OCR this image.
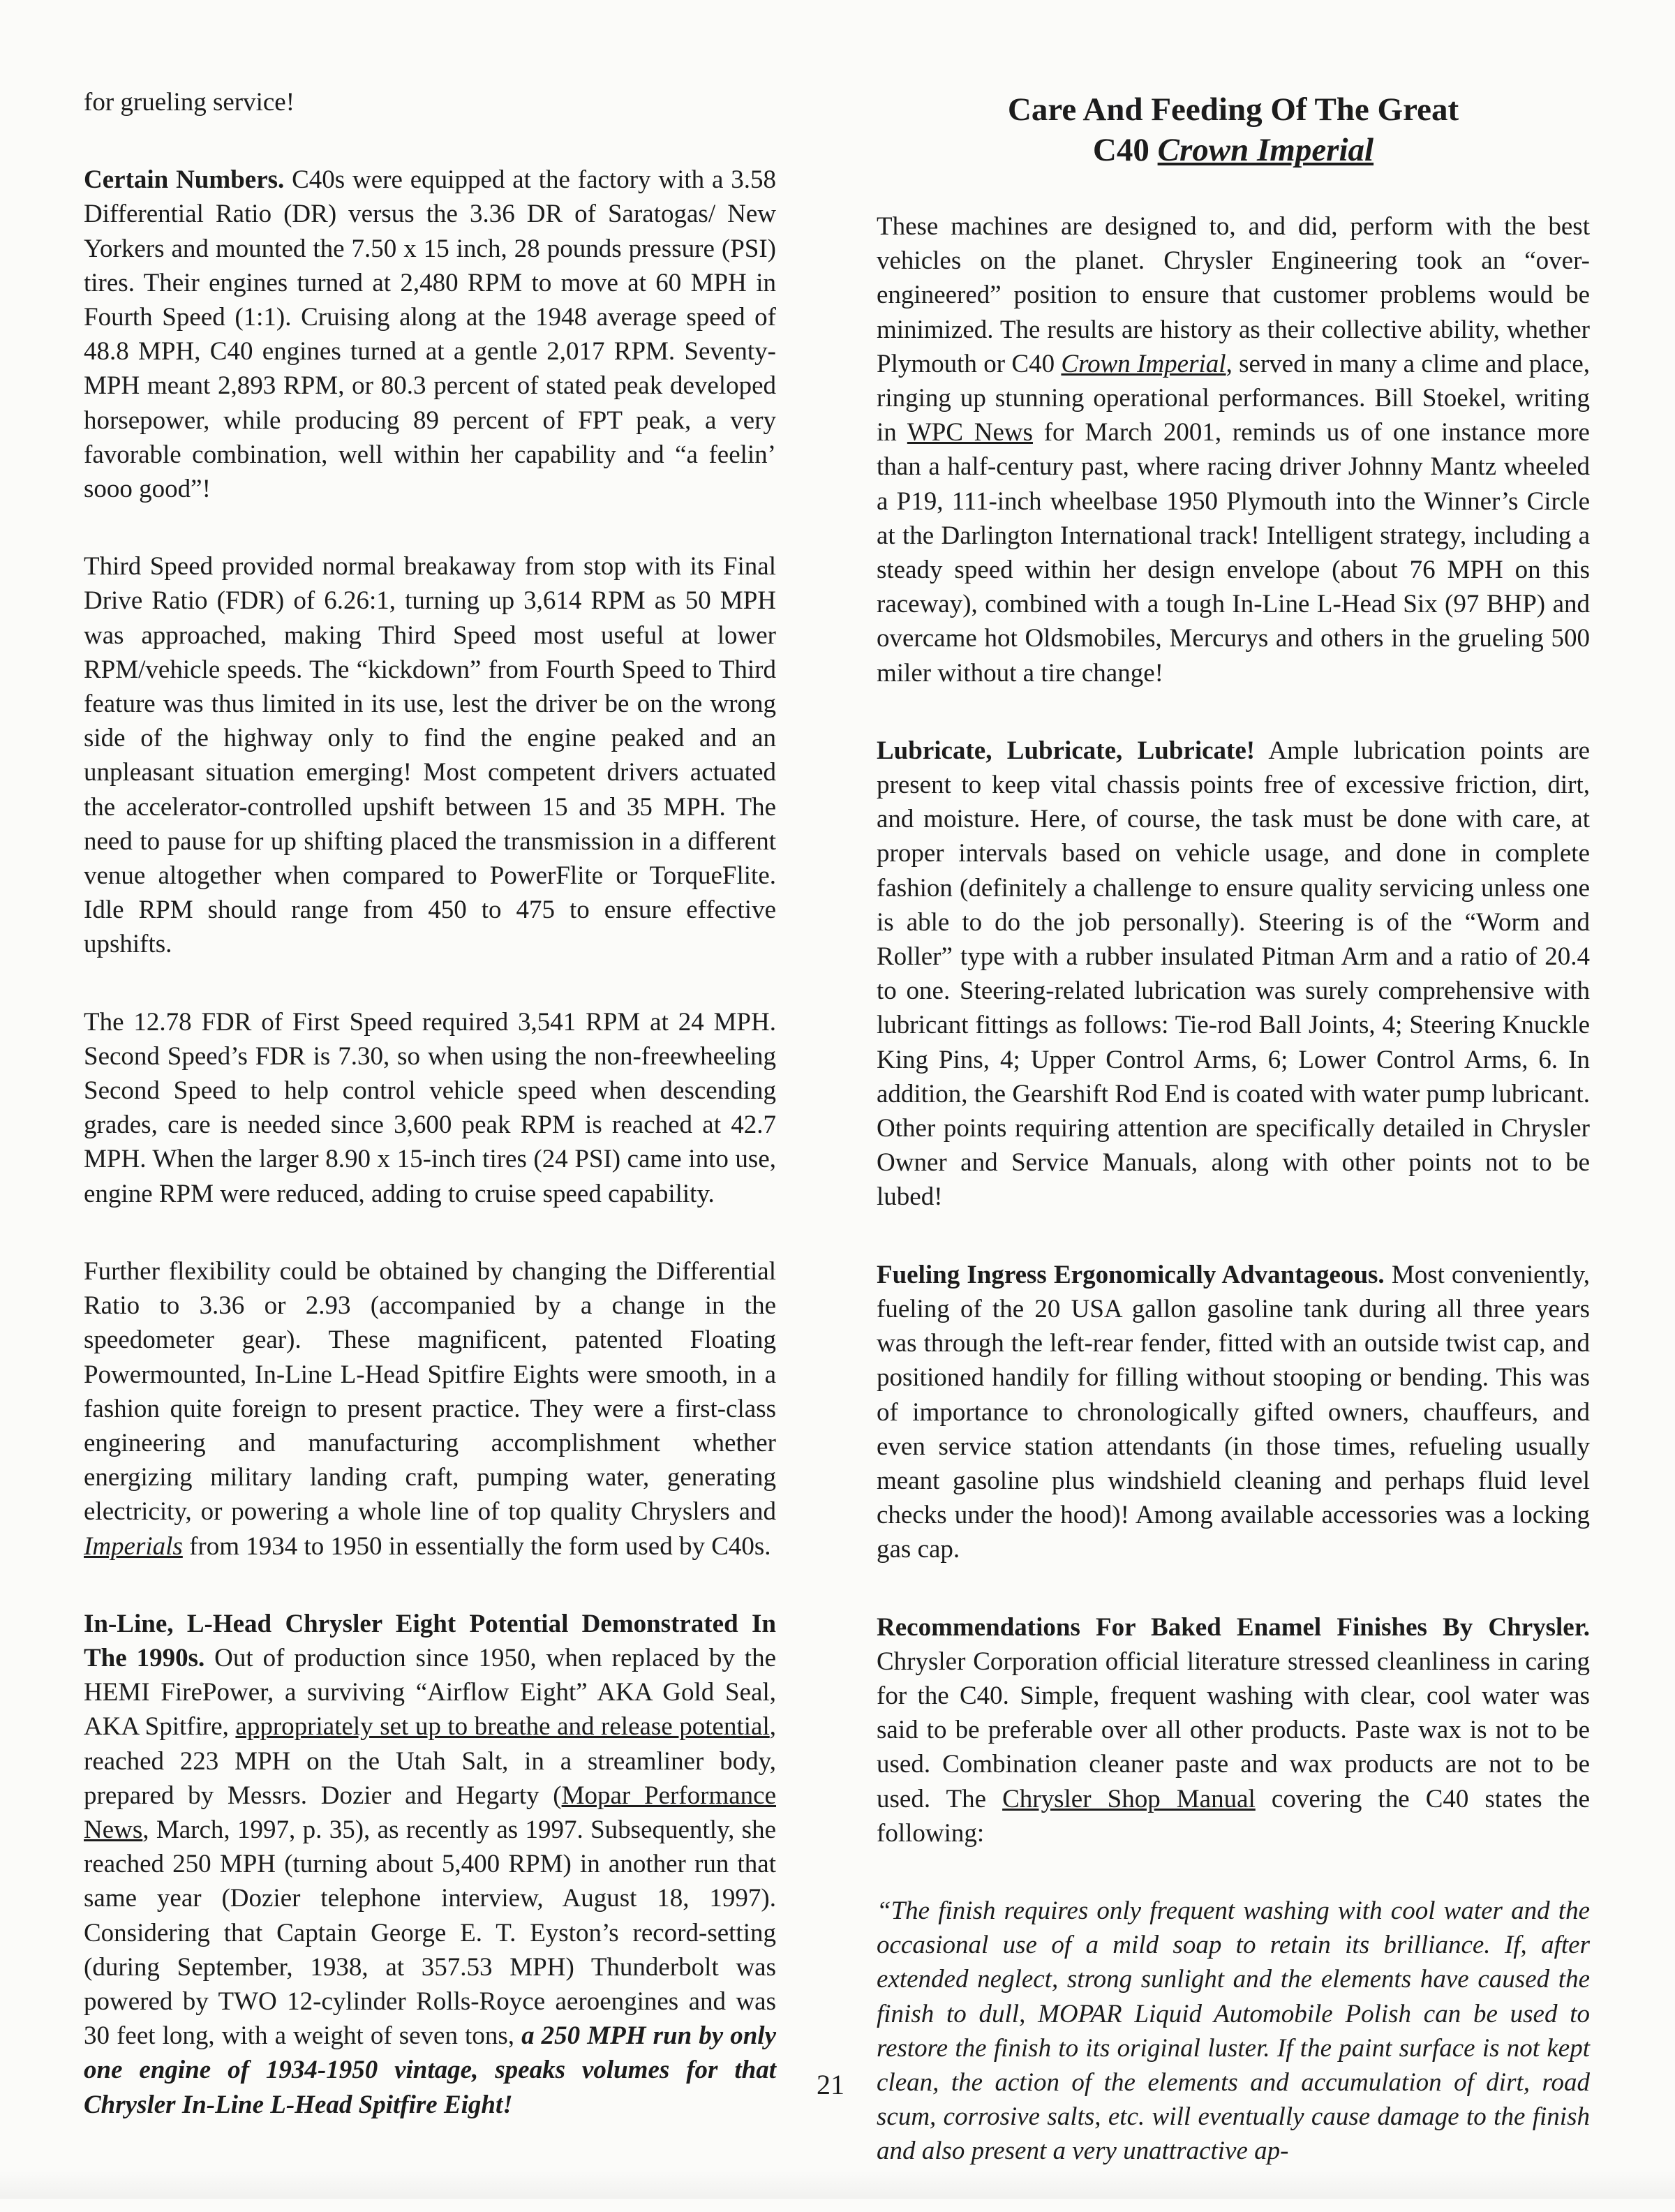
for grueling service!

Certain Numbers. C40s were equipped at the factory with a 3.58 Differential Ratio (DR) versus the 3.36 DR of Saratogas/ New Yorkers and mounted the 7.50 x 15 inch, 28 pounds pressure (PSI) tires. Their engines turned at 2,480 RPM to move at 60 MPH in Fourth Speed (1:1). Cruising along at the 1948 average speed of 48.8 MPH, C40 engines turned at a gentle 2,017 RPM. Seventy-MPH meant 2,893 RPM, or 80.3 percent of stated peak developed horsepower, while producing 89 percent of FPT peak, a very favorable combination, well within her capability and “a feelin’ sooo good”!

Third Speed provided normal breakaway from stop with its Final Drive Ratio (FDR) of 6.26:1, turning up 3,614 RPM as 50 MPH was approached, making Third Speed most useful at lower RPM/vehicle speeds. The “kickdown” from Fourth Speed to Third feature was thus limited in its use, lest the driver be on the wrong side of the highway only to find the engine peaked and an unpleasant situation emerging! Most competent drivers actuated the accelerator-controlled upshift between 15 and 35 MPH. The need to pause for up shifting placed the transmission in a different venue altogether when compared to PowerFlite or TorqueFlite. Idle RPM should range from 450 to 475 to ensure effective upshifts.

The 12.78 FDR of First Speed required 3,541 RPM at 24 MPH. Second Speed’s FDR is 7.30, so when using the non-freewheeling Second Speed to help control vehicle speed when descending grades, care is needed since 3,600 peak RPM is reached at 42.7 MPH. When the larger 8.90 x 15-inch tires (24 PSI) came into use, engine RPM were reduced, adding to cruise speed capability.

Further flexibility could be obtained by changing the Differential Ratio to 3.36 or 2.93 (accompanied by a change in the speedometer gear). These magnificent, patented Floating Powermounted, In-Line L-Head Spitfire Eights were smooth, in a fashion quite foreign to present practice. They were a first-class engineering and manufacturing accomplishment whether energizing military landing craft, pumping water, generating electricity, or powering a whole line of top quality Chryslers and Imperials from 1934 to 1950 in essentially the form used by C40s.

In-Line, L-Head Chrysler Eight Potential Demonstrated In The 1990s. Out of production since 1950, when replaced by the HEMI FirePower, a surviving “Airflow Eight” AKA Gold Seal, AKA Spitfire, appropriately set up to breathe and release potential, reached 223 MPH on the Utah Salt, in a streamliner body, prepared by Messrs. Dozier and Hegarty (Mopar Performance News, March, 1997, p. 35), as recently as 1997. Subsequently, she reached 250 MPH (turning about 5,400 RPM) in another run that same year (Dozier telephone interview, August 18, 1997). Considering that Captain George E. T. Eyston’s record-setting (during September, 1938, at 357.53 MPH) Thunderbolt was powered by TWO 12-cylinder Rolls-Royce aeroengines and was 30 feet long, with a weight of seven tons, a 250 MPH run by only one engine of 1934-1950 vintage, speaks volumes for that Chrysler In-Line L-Head Spitfire Eight!

Care And Feeding Of The Great
C40 Crown Imperial

These machines are designed to, and did, perform with the best vehicles on the planet. Chrysler Engineering took an “over-engineered” position to ensure that customer problems would be minimized. The results are history as their collective ability, whether Plymouth or C40 Crown Imperial, served in many a clime and place, ringing up stunning operational performances. Bill Stoekel, writing in WPC News for March 2001, reminds us of one instance more than a half-century past, where racing driver Johnny Mantz wheeled a P19, 111-inch wheelbase 1950 Plymouth into the Winner’s Circle at the Darlington International track! Intelligent strategy, including a steady speed within her design envelope (about 76 MPH on this raceway), combined with a tough In-Line L-Head Six (97 BHP) and overcame hot Oldsmobiles, Mercurys and others in the grueling 500 miler without a tire change!

Lubricate, Lubricate, Lubricate! Ample lubrication points are present to keep vital chassis points free of excessive friction, dirt, and moisture. Here, of course, the task must be done with care, at proper intervals based on vehicle usage, and done in complete fashion (definitely a challenge to ensure quality servicing unless one is able to do the job personally). Steering is of the “Worm and Roller” type with a rubber insulated Pitman Arm and a ratio of 20.4 to one. Steering-related lubrication was surely comprehensive with lubricant fittings as follows: Tie-rod Ball Joints, 4; Steering Knuckle King Pins, 4; Upper Control Arms, 6; Lower Control Arms, 6. In addition, the Gearshift Rod End is coated with water pump lubricant. Other points requiring attention are specifically detailed in Chrysler Owner and Service Manuals, along with other points not to be lubed!

Fueling Ingress Ergonomically Advantageous. Most conveniently, fueling of the 20 USA gallon gasoline tank during all three years was through the left-rear fender, fitted with an outside twist cap, and positioned handily for filling without stooping or bending. This was of importance to chronologically gifted owners, chauffeurs, and even service station attendants (in those times, refueling usually meant gasoline plus windshield cleaning and perhaps fluid level checks under the hood)! Among available accessories was a locking gas cap.

Recommendations For Baked Enamel Finishes By Chrysler. Chrysler Corporation official literature stressed cleanliness in caring for the C40. Simple, frequent washing with clear, cool water was said to be preferable over all other products. Paste wax is not to be used. Combination cleaner paste and wax products are not to be used. The Chrysler Shop Manual covering the C40 states the following:

“The finish requires only frequent washing with cool water and the occasional use of a mild soap to retain its brilliance. If, after extended neglect, strong sunlight and the elements have caused the finish to dull, MOPAR Liquid Automobile Polish can be used to restore the finish to its original luster. If the paint surface is not kept clean, the action of the elements and accumulation of dirt, road scum, corrosive salts, etc. will eventually cause damage to the finish and also present a very unattractive ap-

21
